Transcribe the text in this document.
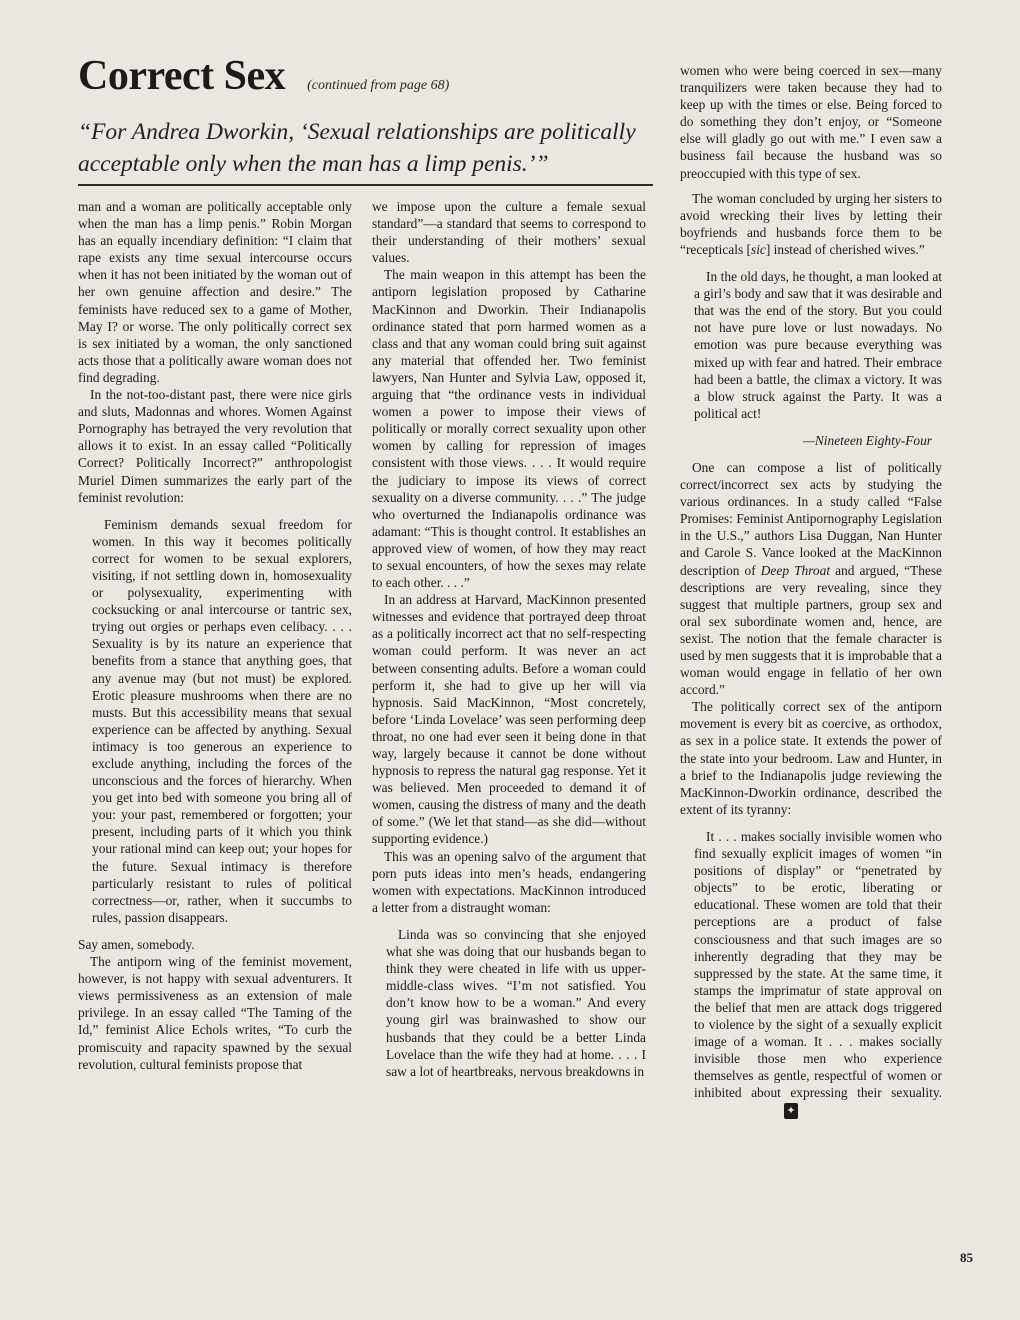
Correct Sex (continued from page 68)

“For Andrea Dworkin, ‘Sexual relationships are politically acceptable only when the man has a limp penis.’”

man and a woman are politically acceptable only when the man has a limp penis.” Robin Morgan has an equally incendiary definition: “I claim that rape exists any time sexual intercourse occurs when it has not been initiated by the woman out of her own genuine affection and desire.” The feminists have reduced sex to a game of Mother, May I? or worse. The only politically correct sex is sex initiated by a woman, the only sanctioned acts those that a politically aware woman does not find degrading.

In the not-too-distant past, there were nice girls and sluts, Madonnas and whores. Women Against Pornography has betrayed the very revolution that allows it to exist. In an essay called “Politically Correct? Politically Incorrect?” anthropologist Muriel Dimen summarizes the early part of the feminist revolution:

Feminism demands sexual freedom for women. In this way it becomes politically correct for women to be sexual explorers, visiting, if not settling down in, homosexuality or polysexuality, experimenting with cocksucking or anal intercourse or tantric sex, trying out orgies or perhaps even celibacy. . . . Sexuality is by its nature an experience that benefits from a stance that anything goes, that any avenue may (but not must) be explored. Erotic pleasure mushrooms when there are no musts. But this accessibility means that sexual experience can be affected by anything. Sexual intimacy is too generous an experience to exclude anything, including the forces of the unconscious and the forces of hierarchy. When you get into bed with someone you bring all of you: your past, remembered or forgotten; your present, including parts of it which you think your rational mind can keep out; your hopes for the future. Sexual intimacy is therefore particularly resistant to rules of political correctness—or, rather, when it succumbs to rules, passion disappears.

Say amen, somebody.

The antiporn wing of the feminist movement, however, is not happy with sexual adventurers. It views permissiveness as an extension of male privilege. In an essay called “The Taming of the Id,” feminist Alice Echols writes, “To curb the promiscuity and rapacity spawned by the sexual revolution, cultural feminists propose that

we impose upon the culture a female sexual standard”—a standard that seems to correspond to their understanding of their mothers’ sexual values.

The main weapon in this attempt has been the antiporn legislation proposed by Catharine MacKinnon and Dworkin. Their Indianapolis ordinance stated that porn harmed women as a class and that any woman could bring suit against any material that offended her. Two feminist lawyers, Nan Hunter and Sylvia Law, opposed it, arguing that “the ordinance vests in individual women a power to impose their views of politically or morally correct sexuality upon other women by calling for repression of images consistent with those views. . . . It would require the judiciary to impose its views of correct sexuality on a diverse community. . . .” The judge who overturned the Indianapolis ordinance was adamant: “This is thought control. It establishes an approved view of women, of how they may react to sexual encounters, of how the sexes may relate to each other. . . .”

In an address at Harvard, MacKinnon presented witnesses and evidence that portrayed deep throat as a politically incorrect act that no self-respecting woman could perform. It was never an act between consenting adults. Before a woman could perform it, she had to give up her will via hypnosis. Said MacKinnon, “Most concretely, before ‘Linda Lovelace’ was seen performing deep throat, no one had ever seen it being done in that way, largely because it cannot be done without hypnosis to repress the natural gag response. Yet it was believed. Men proceeded to demand it of women, causing the distress of many and the death of some.” (We let that stand—as she did—without supporting evidence.)

This was an opening salvo of the argument that porn puts ideas into men’s heads, endangering women with expectations. MacKinnon introduced a letter from a distraught woman:

Linda was so convincing that she enjoyed what she was doing that our husbands began to think they were cheated in life with us upper-middle-class wives. “I’m not satisfied. You don’t know how to be a woman.” And every young girl was brainwashed to show our husbands that they could be a better Linda Lovelace than the wife they had at home. . . . I saw a lot of heartbreaks, nervous breakdowns in

women who were being coerced in sex—many tranquilizers were taken because they had to keep up with the times or else. Being forced to do something they don’t enjoy, or “Someone else will gladly go out with me.” I even saw a business fail because the husband was so preoccupied with this type of sex.

The woman concluded by urging her sisters to avoid wrecking their lives by letting their boyfriends and husbands force them to be “recepticals [sic] instead of cherished wives.”

In the old days, he thought, a man looked at a girl’s body and saw that it was desirable and that was the end of the story. But you could not have pure love or lust nowadays. No emotion was pure because everything was mixed up with fear and hatred. Their embrace had been a battle, the climax a victory. It was a blow struck against the Party. It was a political act!

—Nineteen Eighty-Four

One can compose a list of politically correct/incorrect sex acts by studying the various ordinances. In a study called “False Promises: Feminist Antipornography Legislation in the U.S.,” authors Lisa Duggan, Nan Hunter and Carole S. Vance looked at the MacKinnon description of Deep Throat and argued, “These descriptions are very revealing, since they suggest that multiple partners, group sex and oral sex subordinate women and, hence, are sexist. The notion that the female character is used by men suggests that it is improbable that a woman would engage in fellatio of her own accord.”

The politically correct sex of the antiporn movement is every bit as coercive, as orthodox, as sex in a police state. It extends the power of the state into your bedroom. Law and Hunter, in a brief to the Indianapolis judge reviewing the MacKinnon-Dworkin ordinance, described the extent of its tyranny:

It . . . makes socially invisible women who find sexually explicit images of women “in positions of display” or “penetrated by objects” to be erotic, liberating or educational. These women are told that their perceptions are a product of false consciousness and that such images are so inherently degrading that they may be suppressed by the state. At the same time, it stamps the imprimatur of state approval on the belief that men are attack dogs triggered to violence by the sight of a sexually explicit image of a woman. It . . . makes socially invisible those men who experience themselves as gentle, respectful of women or inhibited about expressing their sexuality.✦
85
